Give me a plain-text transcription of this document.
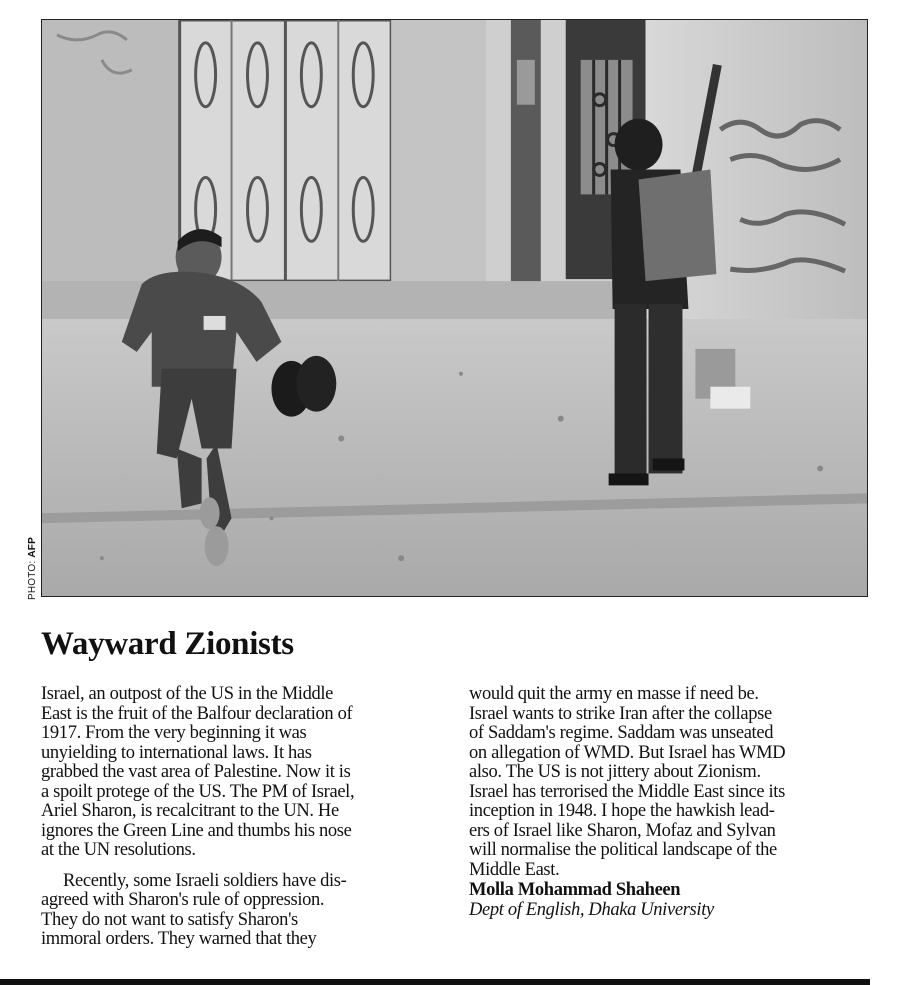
PHOTO: AFP
Wayward Zionists
Israel, an outpost of the US in the Middle
East is the fruit of the Balfour declaration of
1917. From the very beginning it was
unyielding to international laws. It has
grabbed the vast area of Palestine. Now it is
a spoilt protege of the US. The PM of Israel,
Ariel Sharon, is recalcitrant to the UN. He
ignores the Green Line and thumbs his nose
at the UN resolutions.
Recently, some Israeli soldiers have dis-
agreed with Sharon's rule of oppression.
They do not want to satisfy Sharon's
immoral orders. They warned that they
would quit the army en masse if need be.
Israel wants to strike Iran after the collapse
of Saddam's regime. Saddam was unseated
on allegation of WMD. But Israel has WMD
also. The US is not jittery about Zionism.
Israel has terrorised the Middle East since its
inception in 1948. I hope the hawkish lead-
ers of Israel like Sharon, Mofaz and Sylvan
will normalise the political landscape of the
Middle East.
Molla Mohammad Shaheen
Dept of English, Dhaka University
